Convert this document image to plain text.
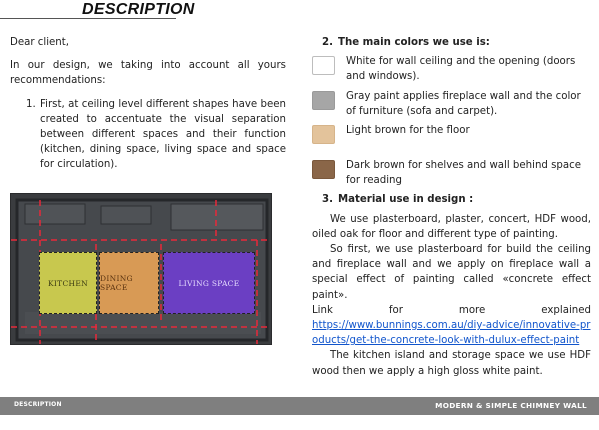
DESCRIPTION

Dear client,

In our design, we taking into account all yours recommendations:

1. First, at ceiling level different shapes have been created to accentuate the visual separation between different spaces and their function (kitchen, dining space, living space and space for circulation).
KITCHEN DINING SPACE	LIVING SPACE
2. The main colors we use is:
White for wall ceiling and the opening (doors and windows).
Gray paint applies fireplace wall and the color of furniture (sofa and carpet).
Light brown for the floor
Dark brown for shelves and wall behind space for reading
3. Material use in design :
We use plasterboard, plaster, concert, HDF wood, oiled oak for floor and different type of painting.
So first, we use plasterboard for build the ceiling and fireplace wall and we apply on fireplace wall a special effect of painting called «concrete effect paint».
Link	for	more	explained
https://www.bunnings.com.au/diy-advice/innovative-products/get-the-concrete-look-with-dulux-effect-paint
The kitchen island and storage space we use HDF wood then we apply a high gloss white paint.
DESCRIPTION	MODERN & SIMPLE CHIMNEY WALL
